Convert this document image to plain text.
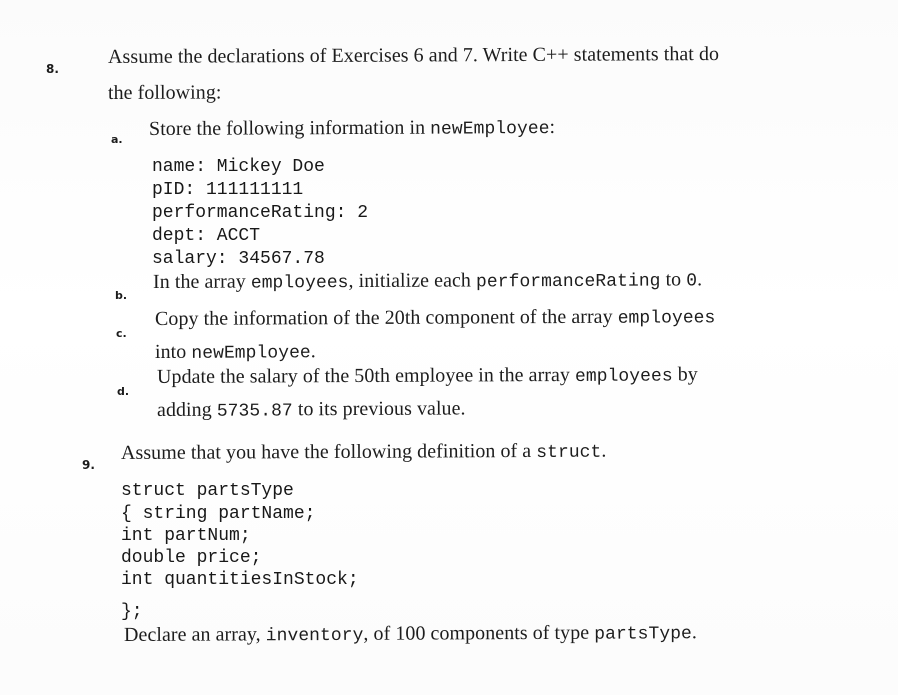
8.
Assume the declarations of Exercises 6 and 7. Write C++ statements that do
the following:
a. Store the following information in newEmployee:
name: Mickey Doe
pID: 111111111
performanceRating: 2
dept: ACCT
salary: 34567.78
b.
In the array employees, initialize each performanceRating to 0.
c.
Copy the information of the 20th component of the array employees
into newEmployee.
d.
Update the salary of the 50th employee in the array employees by
adding 5735.87 to its previous value.
9.
Assume that you have the following definition of a struct.
struct partsType
{ string partName;
int partNum;
double price;
int quantitiesInStock;
};
Declare an array, inventory, of 100 components of type partsType.
